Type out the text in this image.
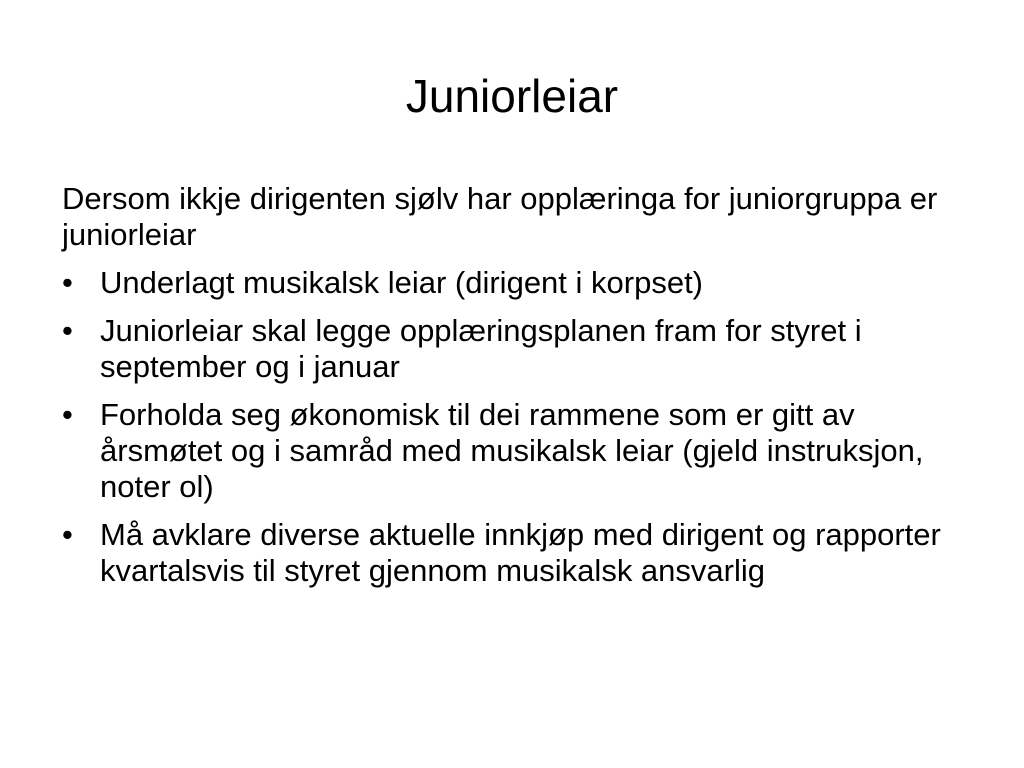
Juniorleiar

Dersom ikkje dirigenten sjølv har opplæringa for juniorgruppa er juniorleiar

• Underlagt musikalsk leiar (dirigent i korpset)
• Juniorleiar skal legge opplæringsplanen fram for styret i september og i januar
• Forholda seg økonomisk til dei rammene som er gitt av årsmøtet og i samråd med musikalsk leiar (gjeld instruksjon, noter ol)
• Må avklare diverse aktuelle innkjøp med dirigent og rapporter kvartalsvis til styret gjennom musikalsk ansvarlig
